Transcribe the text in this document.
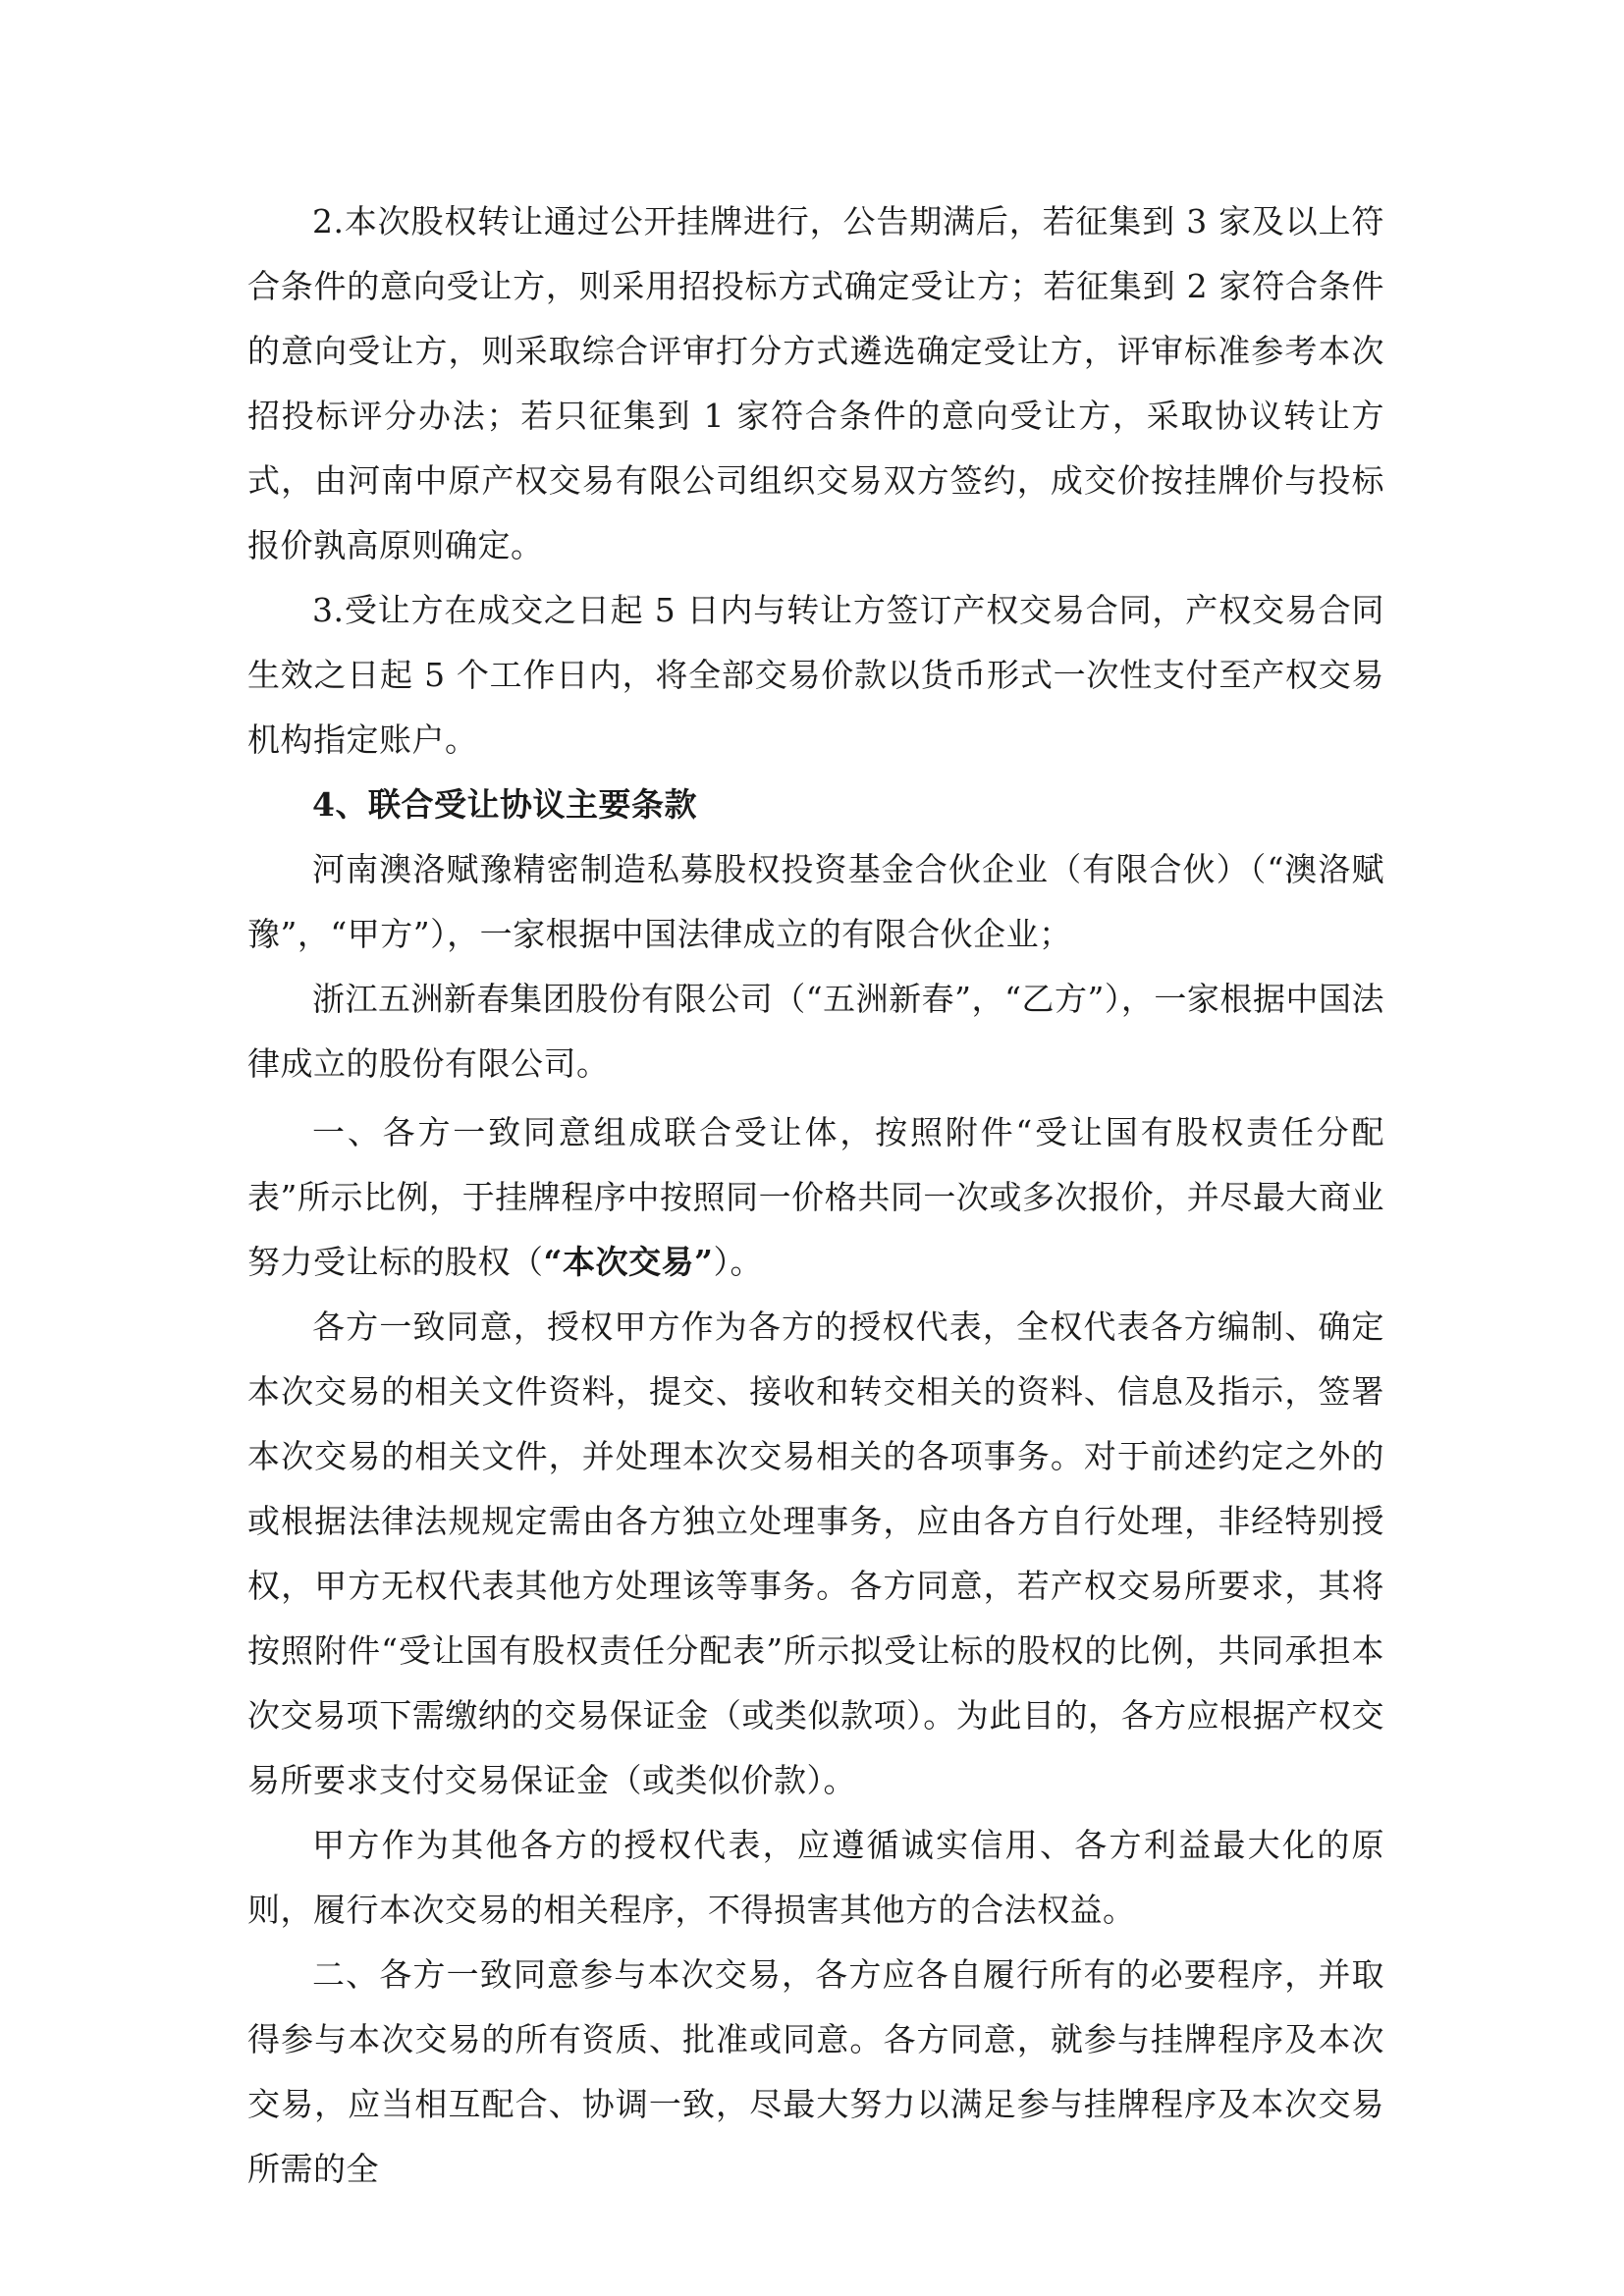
2.本次股权转让通过公开挂牌进行，公告期满后，若征集到 3 家及以上符合条件的意向受让方，则采用招投标方式确定受让方；若征集到 2 家符合条件的意向受让方，则采取综合评审打分方式遴选确定受让方，评审标准参考本次招投标评分办法；若只征集到 1 家符合条件的意向受让方，采取协议转让方式，由河南中原产权交易有限公司组织交易双方签约，成交价按挂牌价与投标报价孰高原则确定。

3.受让方在成交之日起 5 日内与转让方签订产权交易合同，产权交易合同生效之日起 5 个工作日内，将全部交易价款以货币形式一次性支付至产权交易机构指定账户。

4、联合受让协议主要条款

河南澳洛赋豫精密制造私募股权投资基金合伙企业（有限合伙）（“澳洛赋豫”，“甲方”），一家根据中国法律成立的有限合伙企业；

浙江五洲新春集团股份有限公司（“五洲新春”，“乙方”），一家根据中国法律成立的股份有限公司。

一、各方一致同意组成联合受让体，按照附件“受让国有股权责任分配表”所示比例，于挂牌程序中按照同一价格共同一次或多次报价，并尽最大商业努力受让标的股权（“本次交易”）。

各方一致同意，授权甲方作为各方的授权代表，全权代表各方编制、确定本次交易的相关文件资料，提交、接收和转交相关的资料、信息及指示，签署本次交易的相关文件，并处理本次交易相关的各项事务。对于前述约定之外的或根据法律法规规定需由各方独立处理事务，应由各方自行处理，非经特别授权，甲方无权代表其他方处理该等事务。各方同意，若产权交易所要求，其将按照附件“受让国有股权责任分配表”所示拟受让标的股权的比例，共同承担本次交易项下需缴纳的交易保证金（或类似款项）。为此目的，各方应根据产权交易所要求支付交易保证金（或类似价款）。

甲方作为其他各方的授权代表，应遵循诚实信用、各方利益最大化的原则，履行本次交易的相关程序，不得损害其他方的合法权益。

二、各方一致同意参与本次交易，各方应各自履行所有的必要程序，并取得参与本次交易的所有资质、批准或同意。各方同意，就参与挂牌程序及本次交易，应当相互配合、协调一致，尽最大努力以满足参与挂牌程序及本次交易所需的全
